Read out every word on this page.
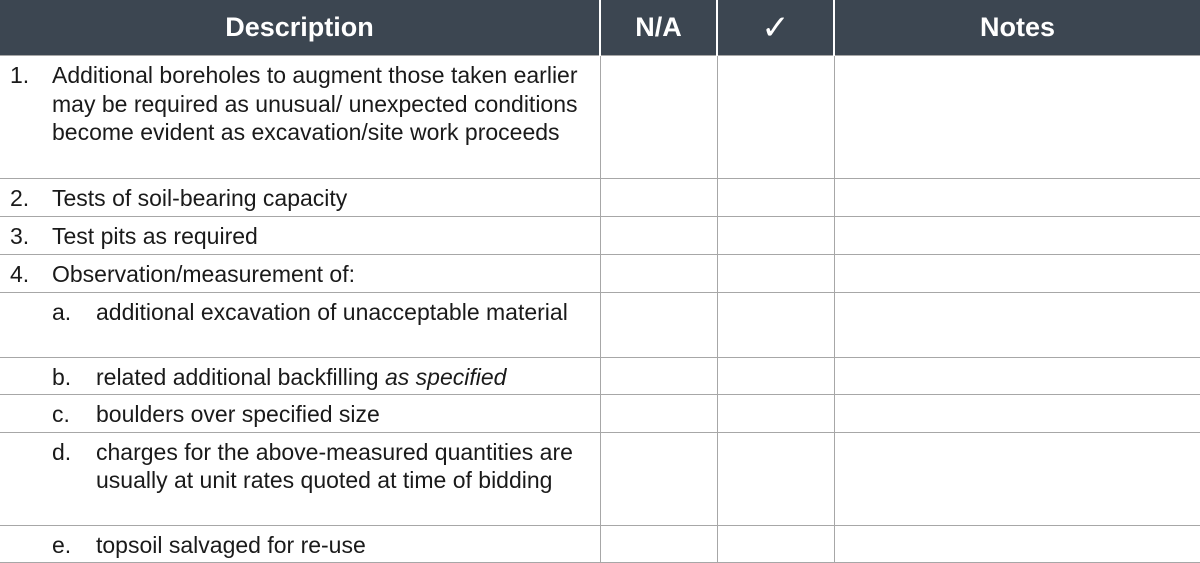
Description	N/A	✓	Notes

1. Additional boreholes to augment those taken earlier may be required as unusual/ unexpected conditions become evident as excavation/site work proceeds			

2. Tests of soil-bearing capacity			

3. Test pits as required			

4. Observation/measurement of:			

a. additional excavation of unacceptable material			

b. related additional backfilling as specified			

c. boulders over specified size			

d. charges for the above-measured quantities are usually at unit rates quoted at time of bidding			

e. topsoil salvaged for re-use			
